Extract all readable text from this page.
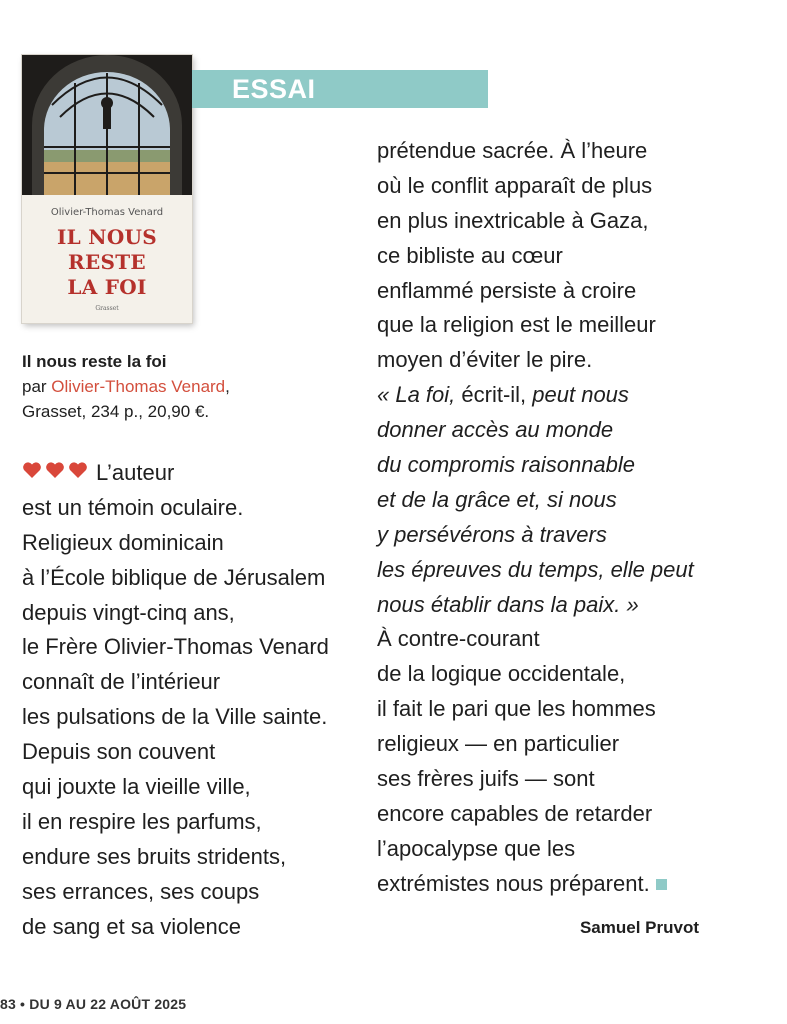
Olivier-Thomas Venard
IL NOUS
RESTE
LA FOI
Grasset
ESSAI
Il nous reste la foi
par Olivier-Thomas Venard,
Grasset, 234 p., 20,90 €.
L’auteur
est un témoin oculaire.
Religieux dominicain
à l’École biblique de Jérusalem
depuis vingt-cinq ans,
le Frère Olivier-Thomas Venard
connaît de l’intérieur
les pulsations de la Ville sainte.
Depuis son couvent
qui jouxte la vieille ville,
il en respire les parfums,
endure ses bruits stridents,
ses errances, ses coups
de sang et sa violence
prétendue sacrée. À l’heure
où le conflit apparaît de plus
en plus inextricable à Gaza,
ce bibliste au cœur
enflammé persiste à croire
que la religion est le meilleur
moyen d’éviter le pire.
« La foi, écrit-il, peut nous
donner accès au monde
du compromis raisonnable
et de la grâce et, si nous
y persévérons à travers
les épreuves du temps, elle peut
nous établir dans la paix. »
À contre-courant
de la logique occidentale,
il fait le pari que les hommes
religieux — en particulier
ses frères juifs — sont
encore capables de retarder
l’apocalypse que les
extrémistes nous préparent.
Samuel Pruvot
83 • DU 9 AU 22 AOÛT 2025
